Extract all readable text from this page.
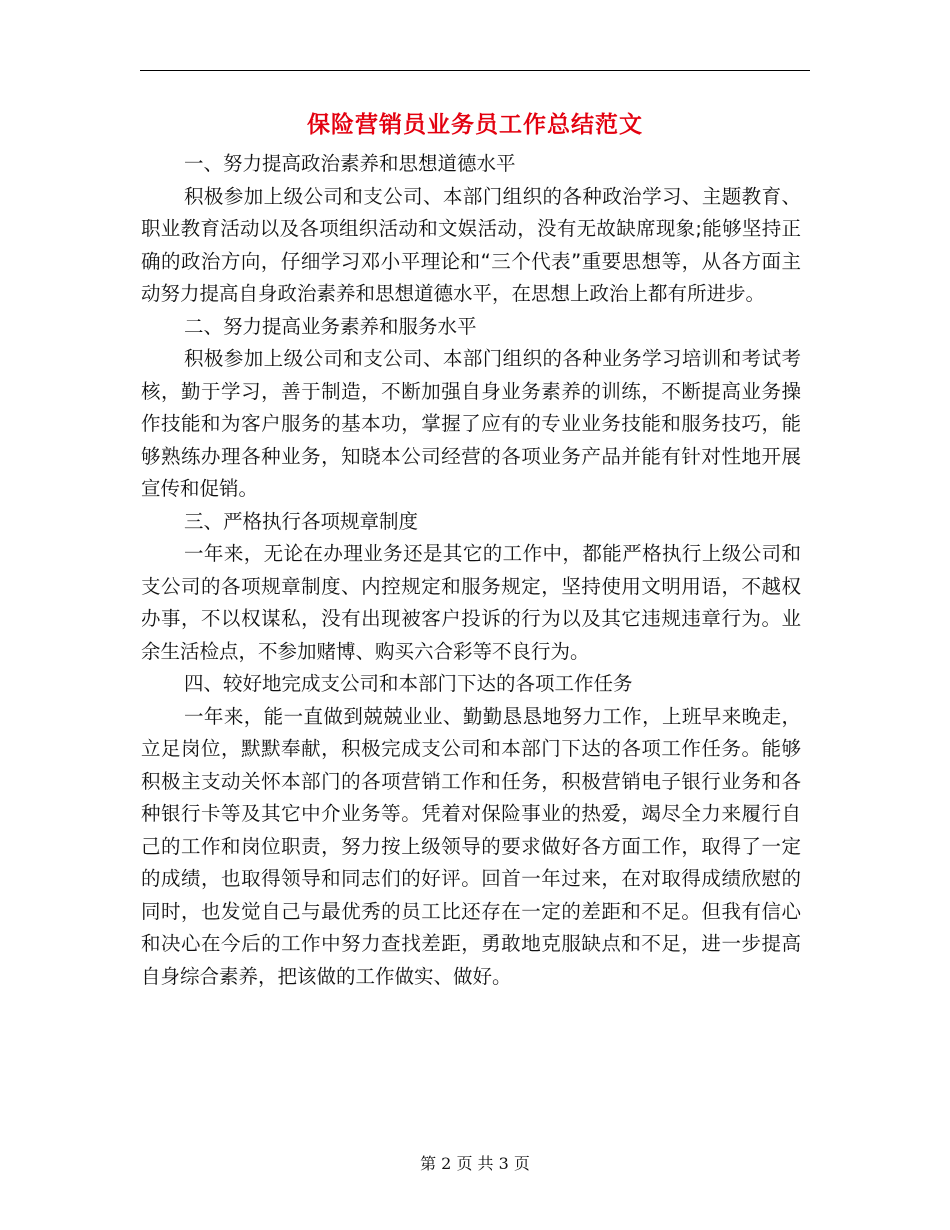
保险营销员业务员工作总结范文

一、努力提高政治素养和思想道德水平

积极参加上级公司和支公司、本部门组织的各种政治学习、主题教育、职业教育活动以及各项组织活动和文娱活动，没有无故缺席现象;能够坚持正确的政治方向，仔细学习邓小平理论和“三个代表”重要思想等，从各方面主动努力提高自身政治素养和思想道德水平，在思想上政治上都有所进步。

二、努力提高业务素养和服务水平

积极参加上级公司和支公司、本部门组织的各种业务学习培训和考试考核，勤于学习，善于制造，不断加强自身业务素养的训练，不断提高业务操作技能和为客户服务的基本功，掌握了应有的专业业务技能和服务技巧，能够熟练办理各种业务，知晓本公司经营的各项业务产品并能有针对性地开展宣传和促销。

三、严格执行各项规章制度

一年来，无论在办理业务还是其它的工作中，都能严格执行上级公司和支公司的各项规章制度、内控规定和服务规定，坚持使用文明用语，不越权办事，不以权谋私，没有出现被客户投诉的行为以及其它违规违章行为。业余生活检点，不参加赌博、购买六合彩等不良行为。

四、较好地完成支公司和本部门下达的各项工作任务

一年来，能一直做到兢兢业业、勤勤恳恳地努力工作，上班早来晚走，立足岗位，默默奉献，积极完成支公司和本部门下达的各项工作任务。能够积极主支动关怀本部门的各项营销工作和任务，积极营销电子银行业务和各种银行卡等及其它中介业务等。凭着对保险事业的热爱，竭尽全力来履行自己的工作和岗位职责，努力按上级领导的要求做好各方面工作，取得了一定的成绩，也取得领导和同志们的好评。回首一年过来，在对取得成绩欣慰的同时，也发觉自己与最优秀的员工比还存在一定的差距和不足。但我有信心和决心在今后的工作中努力查找差距，勇敢地克服缺点和不足，进一步提高自身综合素养，把该做的工作做实、做好。

第 2 页 共 3 页
